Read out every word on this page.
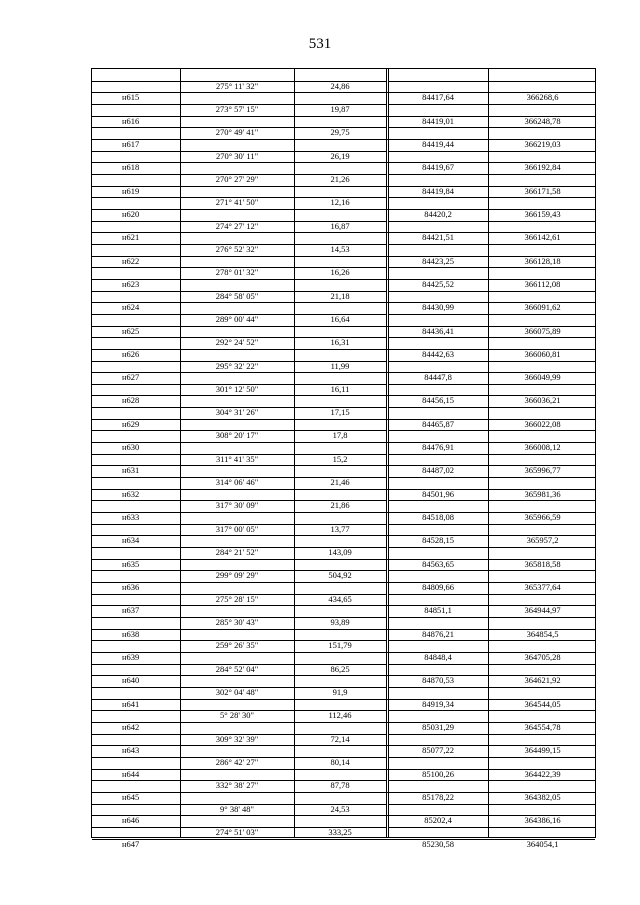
531
275° 11' 32"	24,86
н615	84417,64	366268,6
273° 57' 15"	19,87
н616	84419,01	366248,78
270° 49' 41"	29,75
н617	84419,44	366219,03
270° 30' 11"	26,19
н618	84419,67	366192,84
270° 27' 29"	21,26
н619	84419,84	366171,58
271° 41' 50"	12,16
н620	84420,2	366159,43
274° 27' 12"	16,87
н621	84421,51	366142,61
276° 52' 32"	14,53
н622	84423,25	366128,18
278° 01' 32"	16,26
н623	84425,52	366112,08
284° 58' 05"	21,18
н624	84430,99	366091,62
289° 00' 44"	16,64
н625	84436,41	366075,89
292° 24' 52"	16,31
н626	84442,63	366060,81
295° 32' 22"	11,99
н627	84447,8	366049,99
301° 12' 50"	16,11
н628	84456,15	366036,21
304° 31' 26"	17,15
н629	84465,87	366022,08
308° 20' 17"	17,8
н630	84476,91	366008,12
311° 41' 35"	15,2
н631	84487,02	365996,77
314° 06' 46"	21,46
н632	84501,96	365981,36
317° 30' 09"	21,86
н633	84518,08	365966,59
317° 00' 05"	13,77
н634	84528,15	365957,2
284° 21' 52"	143,09
н635	84563,65	365818,58
299° 09' 29"	504,92
н636	84809,66	365377,64
275° 28' 15"	434,65
н637	84851,1	364944,97
285° 30' 43"	93,89
н638	84876,21	364854,5
259° 26' 35"	151,79
н639	84848,4	364705,28
284° 52' 04"	86,25
н640	84870,53	364621,92
302° 04' 48"	91,9
н641	84919,34	364544,05
5° 28' 30"	112,46
н642	85031,29	364554,78
309° 32' 39"	72,14
н643	85077,22	364499,15
286° 42' 27"	80,14
н644	85100,26	364422,39
332° 38' 27"	87,78
н645	85178,22	364382,05
9° 38' 48"	24,53
н646	85202,4	364386,16
274° 51' 03"	333,25
н647	85230,58	364054,1
